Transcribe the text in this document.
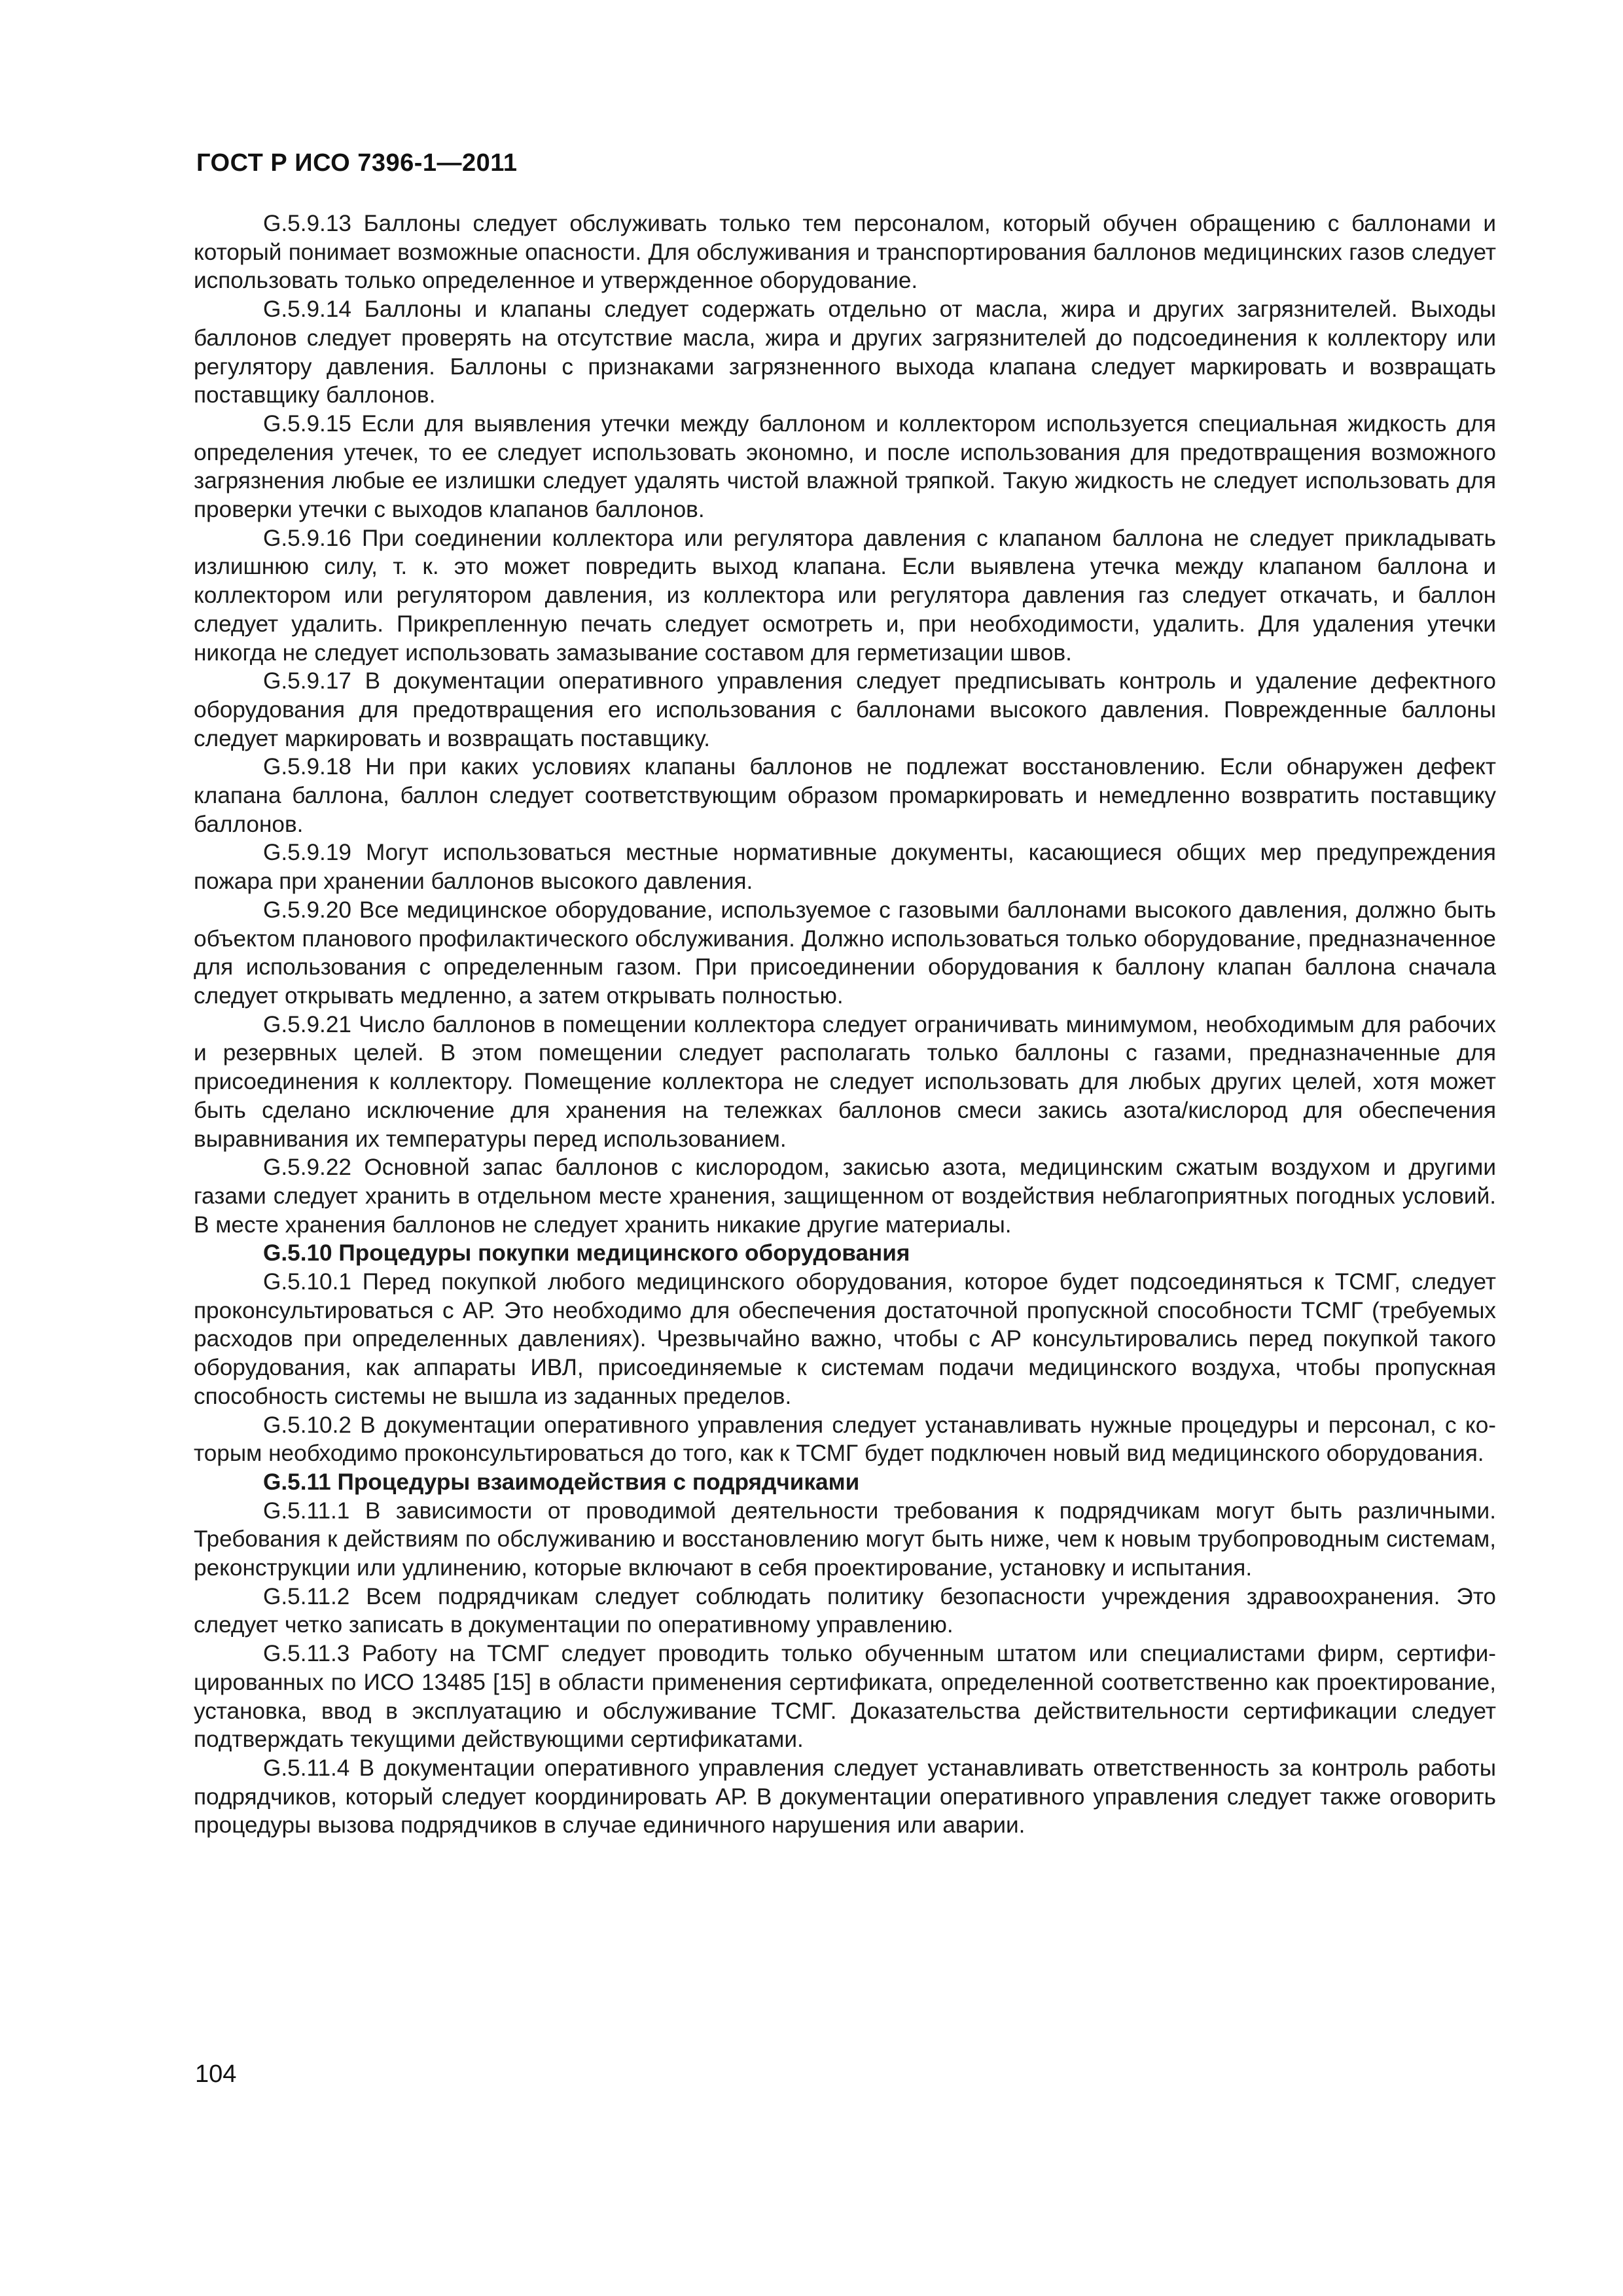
ГОСТ Р ИСО 7396-1—2011

G.5.9.13 Баллоны следует обслуживать только тем персоналом, который обучен обращению с баллонами и который понимает возможные опасности. Для обслуживания и транспортирования баллонов медицинских газов следует использовать только определенное и утвержденное оборудование.

G.5.9.14 Баллоны и клапаны следует содержать отдельно от масла, жира и других загрязнителей. Выходы баллонов следует проверять на отсутствие масла, жира и других загрязнителей до подсоединения к коллектору или регулятору давления. Баллоны с признаками загрязненного выхода клапана следует маркировать и возвращать поставщику баллонов.

G.5.9.15 Если для выявления утечки между баллоном и коллектором используется специальная жидкость для определения утечек, то ее следует использовать экономно, и после использования для предотвращения возможного загрязнения любые ее излишки следует удалять чистой влажной тряпкой. Такую жидкость не следует использовать для проверки утечки с выходов клапанов баллонов.

G.5.9.16 При соединении коллектора или регулятора давления с клапаном баллона не следует прикладывать излишнюю силу, т. к. это может повредить выход клапана. Если выявлена утечка между клапаном баллона и коллектором или регулятором давления, из коллектора или регулятора давления газ следует откачать, и баллон следует удалить. Прикрепленную печать следует осмотреть и, при необходимости, удалить. Для удаления утечки никогда не следует использовать замазывание составом для герметизации швов.

G.5.9.17 В документации оперативного управления следует предписывать контроль и удаление дефектного оборудования для предотвращения его использования с баллонами высокого давления. Поврежденные баллоны следует маркировать и возвращать поставщику.

G.5.9.18 Ни при каких условиях клапаны баллонов не подлежат восстановлению. Если обнаружен дефект клапана баллона, баллон следует соответствующим образом промаркировать и немедленно возвратить поставщику баллонов.

G.5.9.19 Могут использоваться местные нормативные документы, касающиеся общих мер предупреждения пожара при хранении баллонов высокого давления.

G.5.9.20 Все медицинское оборудование, используемое с газовыми баллонами высокого давления, должно быть объектом планового профилактического обслуживания. Должно использоваться только оборудование, предназначенное для использования с определенным газом. При присоединении оборудования к баллону клапан баллона сначала следует открывать медленно, а затем открывать полностью.

G.5.9.21 Число баллонов в помещении коллектора следует ограничивать минимумом, необходимым для рабочих и резервных целей. В этом помещении следует располагать только баллоны с газами, предназначенные для присоединения к коллектору. Помещение коллектора не следует использовать для любых других целей, хотя может быть сделано исключение для хранения на тележках баллонов смеси закись азота/кислород для обеспечения выравнивания их температуры перед использованием.

G.5.9.22 Основной запас баллонов с кислородом, закисью азота, медицинским сжатым воздухом и другими газами следует хранить в отдельном месте хранения, защищенном от воздействия неблагоприятных погодных условий. В месте хранения баллонов не следует хранить никакие другие материалы.

G.5.10 Процедуры покупки медицинского оборудования

G.5.10.1 Перед покупкой любого медицинского оборудования, которое будет подсоединяться к ТСМГ, следует проконсультироваться с АР. Это необходимо для обеспечения достаточной пропускной способности ТСМГ (требуемых расходов при определенных давлениях). Чрезвычайно важно, чтобы с АР консультировались перед покупкой такого оборудования, как аппараты ИВЛ, присоединяемые к системам подачи медицинского воздуха, чтобы пропускная способность системы не вышла из заданных пределов.

G.5.10.2 В документации оперативного управления следует устанавливать нужные процедуры и персонал, с которым необходимо проконсультироваться до того, как к ТСМГ будет подключен новый вид медицинского оборудования.

G.5.11 Процедуры взаимодействия с подрядчиками

G.5.11.1 В зависимости от проводимой деятельности требования к подрядчикам могут быть различными. Требования к действиям по обслуживанию и восстановлению могут быть ниже, чем к новым трубопроводным системам, реконструкции или удлинению, которые включают в себя проектирование, установку и испытания.

G.5.11.2 Всем подрядчикам следует соблюдать политику безопасности учреждения здравоохранения. Это следует четко записать в документации по оперативному управлению.

G.5.11.3 Работу на ТСМГ следует проводить только обученным штатом или специалистами фирм, сертифицированных по ИСО 13485 [15] в области применения сертификата, определенной соответственно как проектирование, установка, ввод в эксплуатацию и обслуживание ТСМГ. Доказательства действительности сертификации следует подтверждать текущими действующими сертификатами.

G.5.11.4 В документации оперативного управления следует устанавливать ответственность за контроль работы подрядчиков, который следует координировать АР. В документации оперативного управления следует также оговорить процедуры вызова подрядчиков в случае единичного нарушения или аварии.

104
